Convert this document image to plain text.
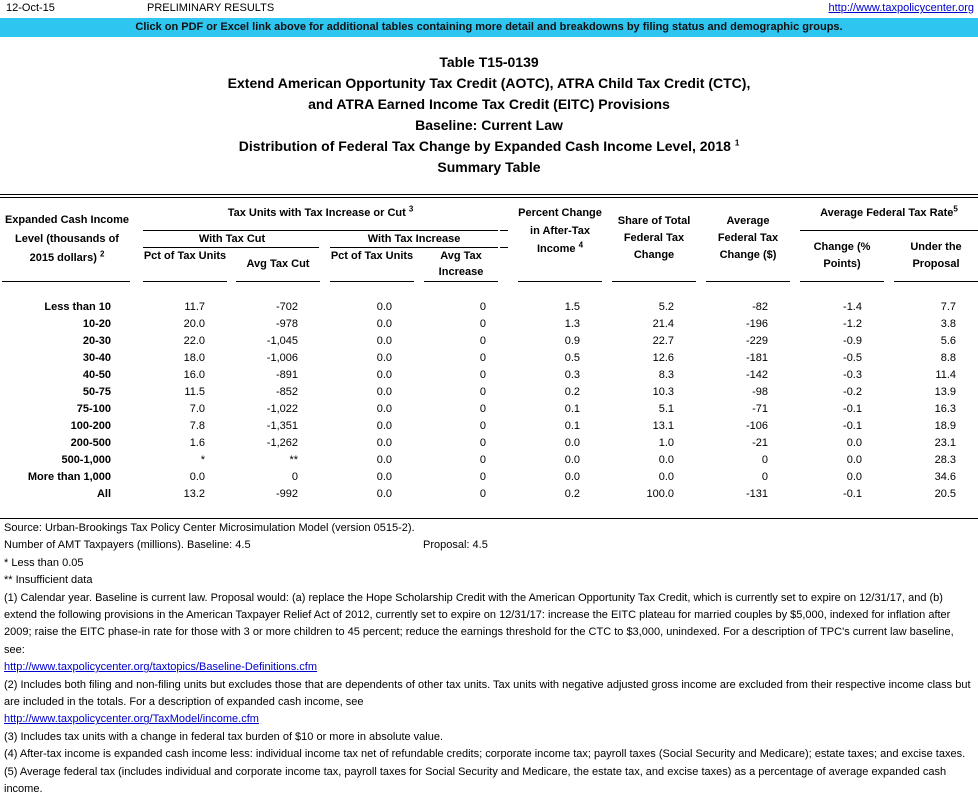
12-Oct-15	PRELIMINARY RESULTS	http://www.taxpolicycenter.org
Click on PDF or Excel link above for additional tables containing more detail and breakdowns by filing status and demographic groups.
Table T15-0139
Extend American Opportunity Tax Credit (AOTC), ATRA Child Tax Credit (CTC),
and ATRA Earned Income Tax Credit (EITC) Provisions
Baseline: Current Law
Distribution of Federal Tax Change by Expanded Cash Income Level, 2018 $^1$
Summary Table
Expanded Cash Income Level (thousands of 2015 dollars) $^2$
Tax Units with Tax Increase or Cut $^3$
With Tax Cut	With Tax Increase
Pct of Tax Units
Avg Tax Cut
Pct of Tax Units	Avg Tax Increase
Percent Change in After-Tax Income $^4$
Share of Total Federal Tax Change
Average Federal Tax Change ($)
Average Federal Tax Rate$^5$
Change (% Points)
Under the Proposal
Less than 10	11.7	-702	0.0	0	1.5	5.2	-82	-1.4	7.7
10-20	20.0	-978	0.0	0	1.3	21.4	-196	-1.2	3.8
20-30	22.0	-1,045	0.0	0	0.9	22.7	-229	-0.9	5.6
30-40	18.0	-1,006	0.0	0	0.5	12.6	-181	-0.5	8.8
40-50	16.0	-891	0.0	0	0.3	8.3	-142	-0.3	11.4
50-75	11.5	-852	0.0	0	0.2	10.3	-98	-0.2	13.9
75-100	7.0	-1,022	0.0	0	0.1	5.1	-71	-0.1	16.3
100-200	7.8	-1,351	0.0	0	0.1	13.1	-106	-0.1	18.9
200-500	1.6	-1,262	0.0	0	0.0	1.0	-21	0.0	23.1
500-1,000	*	**	0.0	0	0.0	0.0	0	0.0	28.3
More than 1,000	0.0	0	0.0	0	0.0	0.0	0	0.0	34.6
All	13.2	-992	0.0	0	0.2	100.0	-131	-0.1	20.5
Source: Urban-Brookings Tax Policy Center Microsimulation Model (version 0515-2).
Number of AMT Taxpayers (millions). Baseline: 4.5	Proposal: 4.5
* Less than 0.05
** Insufficient data
(1) Calendar year. Baseline is current law. Proposal would: (a) replace the Hope Scholarship Credit with the American Opportunity Tax Credit, which is currently set to expire on 12/31/17, and (b) extend the following provisions in the American Taxpayer Relief Act of 2012, currently set to expire on 12/31/17: increase the EITC plateau for married couples by $5,000, indexed for inflation after 2009; raise the EITC phase-in rate for those with 3 or more children to 45 percent; reduce the earnings threshold for the CTC to $3,000, unindexed. For a description of TPC's current law baseline, see:
http://www.taxpolicycenter.org/taxtopics/Baseline-Definitions.cfm
(2) Includes both filing and non-filing units but excludes those that are dependents of other tax units. Tax units with negative adjusted gross income are excluded from their respective income class but are included in the totals. For a description of expanded cash income, see
http://www.taxpolicycenter.org/TaxModel/income.cfm
(3) Includes tax units with a change in federal tax burden of $10 or more in absolute value.
(4) After-tax income is expanded cash income less: individual income tax net of refundable credits; corporate income tax; payroll taxes (Social Security and Medicare); estate taxes; and excise taxes.
(5) Average federal tax (includes individual and corporate income tax, payroll taxes for Social Security and Medicare, the estate tax, and excise taxes) as a percentage of average expanded cash income.
